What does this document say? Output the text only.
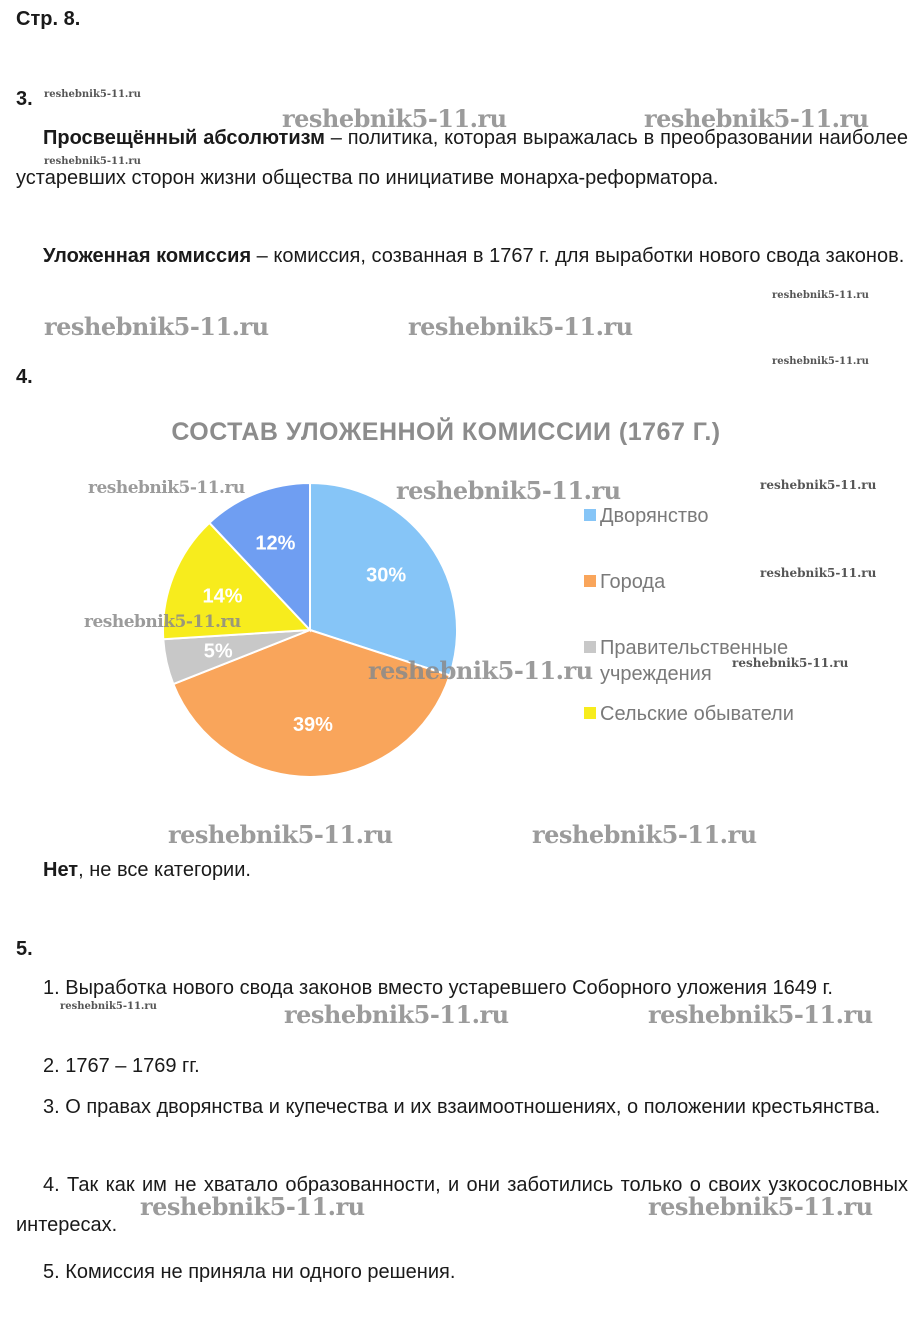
Стр. 8.
3.

Просвещённый абсолютизм – политика, которая выражалась в преобразовании наиболее устаревших сторон жизни общества по инициативе монарха-реформатора.

Уложенная комиссия – комиссия, созванная в 1767 г. для выработки нового свода законов.

4.
СОСТАВ УЛОЖЕННОЙ КОМИССИИ (1767 Г.)
30%
39%
5%
14%
12%
Дворянство
Города
Правительственные
учреждения
Сельские обыватели

Нет, не все категории.

5.

1. Выработка нового свода законов вместо устаревшего Соборного уложения 1649 г.

2. 1767 – 1769 гг.

3. О правах дворянства и купечества и их взаимоотношениях, о положении крестьянства.

4. Так как им не хватало образованности, и они заботились только о своих узкосословных интересах.

5. Комиссия не приняла ни одного решения.

reshebnik5-11.ru	reshebnik5-11.ru
reshebnik5-11.ru	reshebnik5-11.ru
reshebnik5-11.ru
reshebnik5-11.ru
reshebnik5-11.ru	reshebnik5-11.ru
reshebnik5-11.ru	reshebnik5-11.ru
reshebnik5-11.ru	reshebnik5-11.ru
reshebnik5-11.ru
reshebnik5-11.ru
reshebnik5-11.ru
reshebnik5-11.ru
reshebnik5-11.ru
reshebnik5-11.ru
reshebnik5-11.ru
reshebnik5-11.ru
reshebnik5-11.ru
reshebnik5-11.ru
